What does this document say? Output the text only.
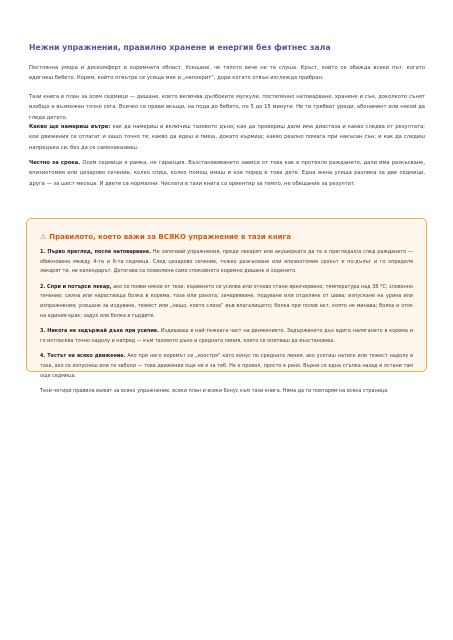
Нежни упражнения, правилно хранене и енергия без фитнес зала

Постоянна умора и дискомфорт в коремната област. Усещане, че тялото вече не те слуша. Кръст, който се обажда всеки път, когато вдигнеш бебето. Корем, който отвътре се усеща мек и „непокрит“, дори когато отвън изглежда прибран.

Тази книга е план за осем седмици — дишане, което включва дълбоките мускули, постепенно натоварване, хранене и сън, доколкото сънят изобщо е възможен точно сега. Всичко се прави вкъщи, на пода до бебето, по 5 до 15 минути. Не ти трябват уреди, абонамент или някой да гледа детето.

Какво ще намериш вътре: как да намериш и включиш тазовото дъно; как да провериш дали има диастаза и какво следва от резултата; кои движения се отлагат и защо точно те; какво да ядеш и пиеш, докато кърмиш; какво реално помага при накъсан сън; и как да следиш напредъка си, без да се самонаказваш.

Честно за срока. Осем седмици е рамка, не гаранция. Възстановяването зависи от това как е протекло раждането, дали има разкъсване, епизиотомия или цезарово сечение, колко спиш, колко помощ имаш и кое поред е това дете. Една жена усеща разлика за две седмици, друга — за шест месеца. И двете са нормални. Числата в тази книга са ориентир за темпо, не обещание за резултат.

⚠ Правилото, което важи за ВСЯКО упражнение в тази книга

1. Първо преглед, после натоварване. Не започвай упражнения, преди лекарят или акушерката да те е прегледал/а след раждането — обикновено между 4-та и 6-та седмица. След цезарово сечение, тежко разкъсване или епизиотомия срокът е по-дълъг и го определя лекарят ти, не календарът. Дотогава са позволени само спокойното коремно дишане и ходенето.

2. Спри и потърси лекар, ако се появи някое от тези: кървенето се усилва или отново стане яркочервено; температура над 38 °C; зловонно течение; силна или нарастваща болка в корема, таза или раната; зачервяване, подуване или отделяне от шева; изпускане на урина или изпражнения; усещане за издуване, тежест или „нещо, което слиза“ във влагалището; болка при полов акт, която не минава; болка и оток на единия крак; задух или болка в гърдите.

3. Никога не задържай дъха при усилие. Издишваш в най-тежката част на движението. Задържането дъх вдига налягането в корема и го изтласква точно надолу и напред — към тазовото дъно и средната линия, които се опитваш да възстановиш.

4. Тестът на всяко движение. Ако при него коремът се „изостря“ като конус по средната линия, ако усетиш натиск или тежест надолу в таза, ако се изпуснеш или те заболи — това движение още не е за теб. Не е провал, просто е рано. Върни се една стъпка назад и остани там още седмица.

Тези четири правила важат за всяко упражнение, всеки план и всеки бонус към тази книга. Няма да ги повтарям на всяка страница.
